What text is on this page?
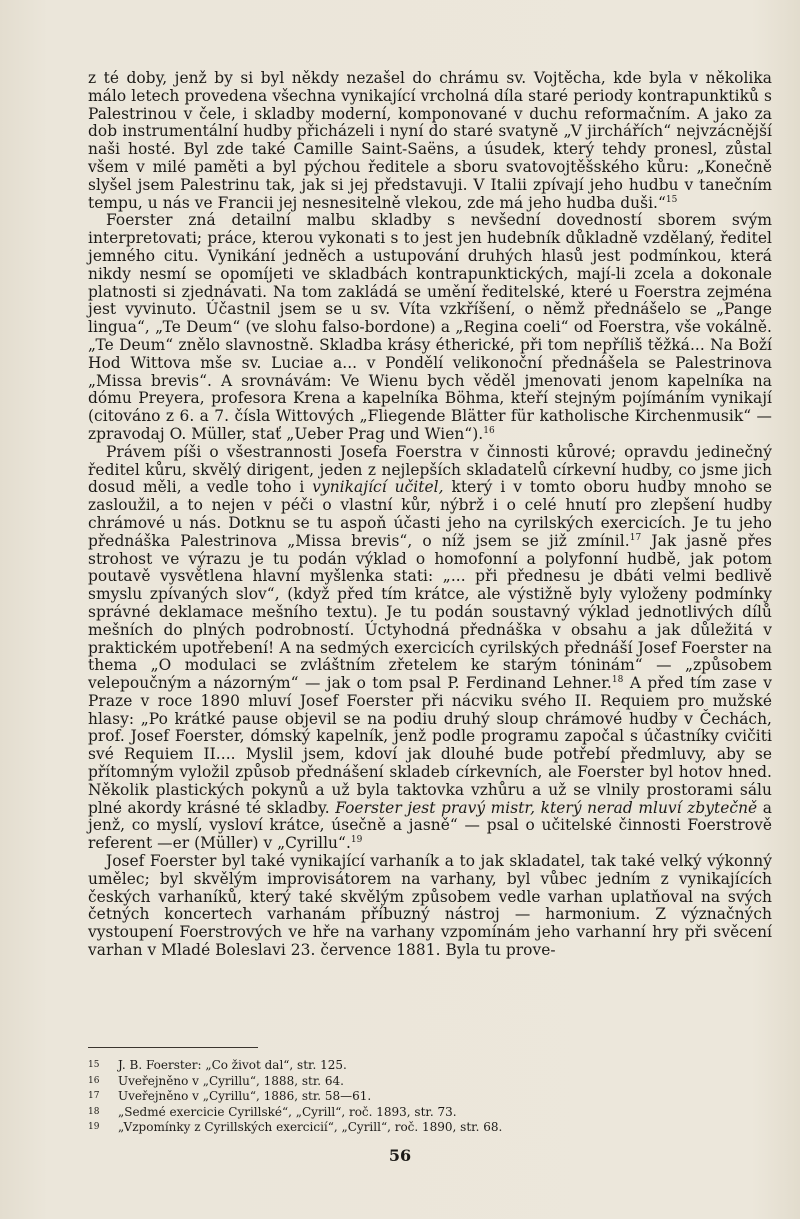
z té doby, jenž by si byl někdy nezašel do chrámu sv. Vojtěcha, kde byla v několika málo letech provedena všechna vynikající vrcholná díla staré periody kontrapunktiků s Palestrinou v čele, i skladby moderní, komponované v duchu reformačním. A jako za dob instrumentální hudby přicházeli i nyní do staré svatyně „V jirchářích“ nejvzácnější naši hosté. Byl zde také Camille Saint-Saëns, a úsudek, který tehdy pronesl, zůstal všem v milé paměti a byl pýchou ředitele a sboru svatovojtěšského kůru: „Konečně slyšel jsem Palestrinu tak, jak si jej představuji. V Italii zpívají jeho hudbu v tanečním tempu, u nás ve Francii jej nesnesitelně vlekou, zde má jeho hudba duši.“$^{15}$

Foerster zná detailní malbu skladby s nevšední dovedností sborem svým interpretovati; práce, kterou vykonati s to jest jen hudebník důkladně vzdělaný, ředitel jemného citu. Vynikání jedněch a ustupování druhých hlasů jest podmínkou, která nikdy nesmí se opomíjeti ve skladbách kontrapunktických, mají-li zcela a dokonale platnosti si zjednávati. Na tom zakládá se umění ředitelské, které u Foerstra zejména jest vyvinuto. Účastnil jsem se u sv. Víta vzkříšení, o němž přednášelo se „Pange lingua“, „Te Deum“ (ve slohu falso-bordone) a „Regina coeli“ od Foerstra, vše vokálně. „Te Deum“ znělo slavnostně. Skladba krásy étherické, při tom nepříliš těžká... Na Boží Hod Wittova mše sv. Luciae a... v Pondělí velikonoční přednášela se Palestrinova „Missa brevis“. A srovnávám: Ve Wienu bych věděl jmenovati jenom kapelníka na dómu Preyera, profesora Krena a kapelníka Böhma, kteří stejným pojímáním vynikají (citováno z 6. a 7. čísla Wittových „Fliegende Blätter für katholische Kirchenmusik“ — zpravodaj O. Müller, stať „Ueber Prag und Wien“).$^{16}$

Právem píši o všestrannosti Josefa Foerstra v činnosti kůrové; opravdu jedinečný ředitel kůru, skvělý dirigent, jeden z nejlepších skladatelů církevní hudby, co jsme jich dosud měli, a vedle toho i vynikající učitel, který i v tomto oboru hudby mnoho se zasloužil, a to nejen v péči o vlastní kůr, nýbrž i o celé hnutí pro zlepšení hudby chrámové u nás. Dotknu se tu aspoň účasti jeho na cyrilských exercicích. Je tu jeho přednáška Palestrinova „Missa brevis“, o níž jsem se již zmínil.$^{17}$ Jak jasně přes strohost ve výrazu je tu podán výklad o homofonní a polyfonní hudbě, jak potom poutavě vysvětlena hlavní myšlenka stati: „... při přednesu je dbáti velmi bedlivě smyslu zpívaných slov“, (když před tím krátce, ale výstižně byly vyloženy podmínky správné deklamace mešního textu). Je tu podán soustavný výklad jednotlivých dílů mešních do plných podrobností. Úctyhodná přednáška v obsahu a jak důležitá v praktickém upotřebení! A na sedmých exercicích cyrilských přednáší Josef Foerster na thema „O modulaci se zvláštním zřetelem ke starým tóninám“ — „způsobem velepoučným a názorným“ — jak o tom psal P. Ferdinand Lehner.$^{18}$ A před tím zase v Praze v roce 1890 mluví Josef Foerster při nácviku svého II. Requiem pro mužské hlasy: „Po krátké pause objevil se na podiu druhý sloup chrámové hudby v Čechách, prof. Josef Foerster, dómský kapelník, jenž podle programu započal s účastníky cvičiti své Requiem II.... Myslil jsem, kdoví jak dlouhé bude potřebí předmluvy, aby se přítomným vyložil způsob přednášení skladeb církevních, ale Foerster byl hotov hned. Několik plastických pokynů a už byla taktovka vzhůru a už se vlnily prostorami sálu plné akordy krásné té skladby. Foerster jest pravý mistr, který nerad mluví zbytečně a jenž, co myslí, vysloví krátce, úsečně a jasně“ — psal o učitelské činnosti Foerstrově referent —er (Müller) v „Cyrillu“.$^{19}$

Josef Foerster byl také vynikající varhaník a to jak skladatel, tak také velký výkonný umělec; byl skvělým improvisátorem na varhany, byl vůbec jedním z vynikajících českých varhaníků, který také skvělým způsobem vedle varhan uplatňoval na svých četných koncertech varhanám příbuzný nástroj — harmonium. Z význačných vystoupení Foerstrových ve hře na varhany vzpomínám jeho varhanní hry při svěcení varhan v Mladé Boleslavi 23. července 1881. Byla tu prove-

15	J. B. Foerster: „Co život dal“, str. 125.
16	Uveřejněno v „Cyrillu“, 1888, str. 64.
17	Uveřejněno v „Cyrillu“, 1886, str. 58—61.
18	„Sedmé exercicie Cyrillské“, „Cyrill“, roč. 1893, str. 73.
19	„Vzpomínky z Cyrillských exercicií“, „Cyrill“, roč. 1890, str. 68.
56
